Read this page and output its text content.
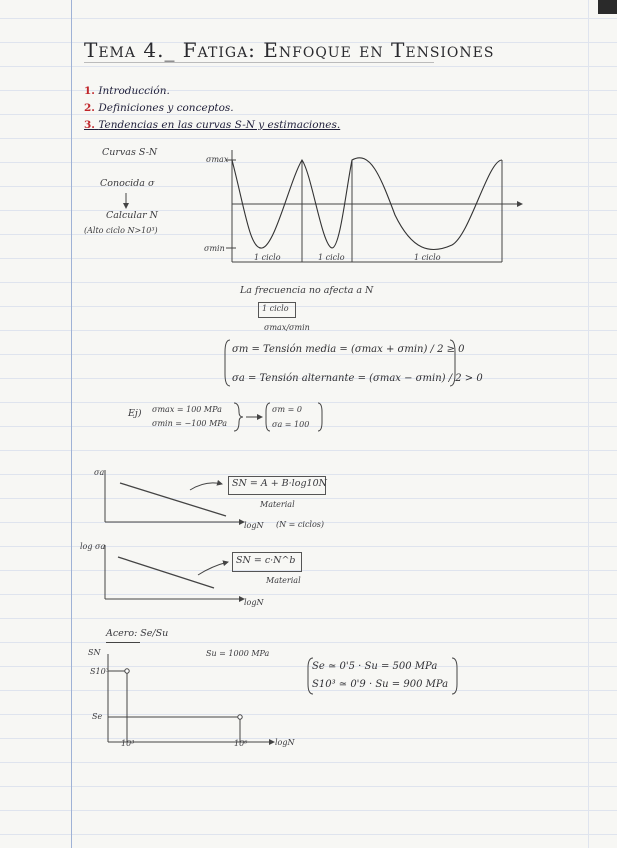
Tema 4._ Fatiga: Enfoque en Tensiones
1. Introducción.
2. Definiciones y conceptos.
3. Tendencias en las curvas S-N y estimaciones.
Curvas S-N
Conocida σ
Calcular N
(Alto ciclo N>10³)
σmax
σmin
1 ciclo	1 ciclo	1 ciclo
La frecuencia no afecta a N
1 ciclo
σmax/σmin
σm = Tensión media = (σmax + σmin) / 2 ≥ 0
σa = Tensión alternante = (σmax − σmin) / 2 > 0
Ej) σmax = 100 MPa
σmin = −100 MPa
σm = 0
σa = 100
σa
logN (N = ciclos)
SN = A + B·log10N
Material
log σa
logN
SN = c·N^b
Material
Acero: Se/Su
Su = 1000 MPa
SN
S10³
Se
10³	10⁶	logN
Se ≃ 0'5 · Su = 500 MPa
S10³ ≃ 0'9 · Su = 900 MPa
